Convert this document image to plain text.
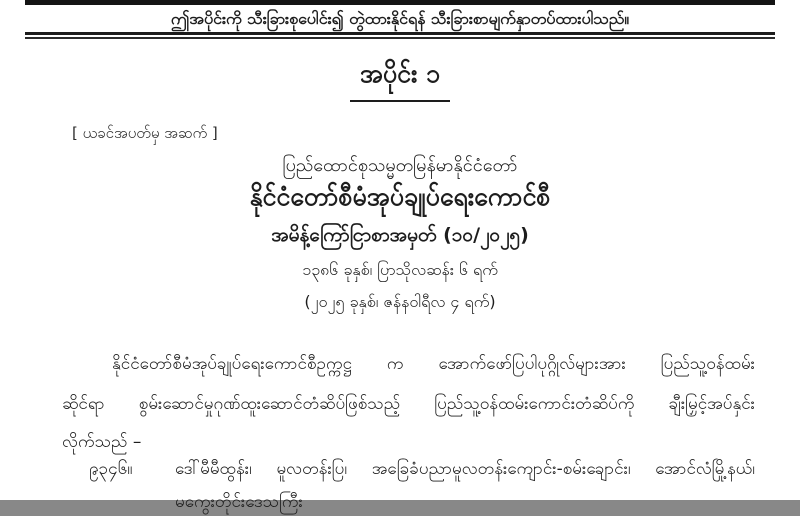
ဤအပိုင်းကို သီးခြားစုပေါင်း၍ တွဲထားနိုင်ရန် သီးခြားစာမျက်နှာတပ်ထားပါသည်။
အပိုင်း ၁
[ ယခင်အပတ်မှ အဆက် ]
ပြည်ထောင်စုသမ္မတမြန်မာနိုင်ငံတော်
နိုင်ငံတော်စီမံအုပ်ချုပ်ရေးကောင်စီ
အမိန့်ကြော်ငြာစာအမှတ် (၁၀/၂၀၂၅)
၁၃၈၆ ခုနှစ်၊ ပြာသိုလဆန်း ၆ ရက်
(၂၀၂၅ ခုနှစ်၊ ဇန်နဝါရီလ ၄ ရက်)
နိုင်ငံတော်စီမံအုပ်ချုပ်ရေးကောင်စီဥက္ကဋ္ဌ က အောက်ဖော်ပြပါပုဂ္ဂိုလ်များအား ပြည်သူ့ဝန်ထမ်း
ဆိုင်ရာ စွမ်းဆောင်မှုဂုဏ်ထူးဆောင်တံဆိပ်ဖြစ်သည့် ပြည်သူ့ဝန်ထမ်းကောင်းတံဆိပ်ကို ချီးမြှင့်အပ်နှင်း
လိုက်သည် –
၉၃၄၆။	ဒေါ်မီမီထွန်း၊ မူလတန်းပြ၊ အခြေခံပညာမူလတန်းကျောင်း-စမ်းချောင်း၊ အောင်လံမြို့နယ်၊
မကွေးတိုင်းဒေသကြီး
